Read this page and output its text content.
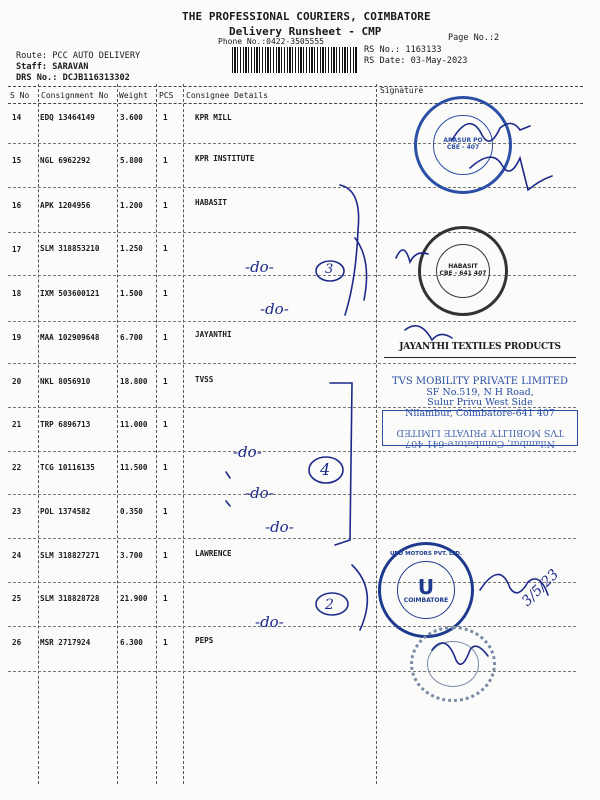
THE PROFESSIONAL COURIERS, COIMBATORE
Delivery Runsheet - CMP
Phone No.:0422-3505555	Page No.:2
Route: PCC AUTO DELIVERY
Staff: SARAVAN
DRS No.: DCJB116313302
RS No.: 1163133
RS Date: 03-May-2023
S No Consignment No Weight PCS Consignee Details
Signature
14 EDQ 13464149	3.600	1	KPR MILL
15 NGL 6962292	5.800	1	KPR INSTITUTE
16 APK 1204956	1.200	1	HABASIT
17 SLM 318853210	1.250	1
18 IXM 503600121	1.500	1
19 MAA 102909648	6.700	1	JAYANTHI
20 NKL 8056910	18.800 1	TVSS
21 TRP 6896713	11.000 1
22 TCG 10116135	11.500 1
23 POL 1374582	0.350	1
24 SLM 318827271	3.700	1	LAWRENCE
25 SLM 318828728	21.900 1
26 MSR 2717924	6.300	1	PEPS
ARASUR PO
CBE - 407
HABASIT
CBE - 641 407
JAYANTHI TEXTILES PRODUCTS
TVS MOBILITY PRIVATE LIMITED
SF No.519, N H Road,
Sulur Privu West Side
Nilambur, Coimbatore-641 407
Nilambur, Coimbatore-641 407
TVS MOBILITY PRIVATE LIMITED
U
COIMBATORE
UBD MOTORS PVT. LTD.
-do-
-do-
-do-
-do-
-do-
-do-
3
4
2	3/5/23
